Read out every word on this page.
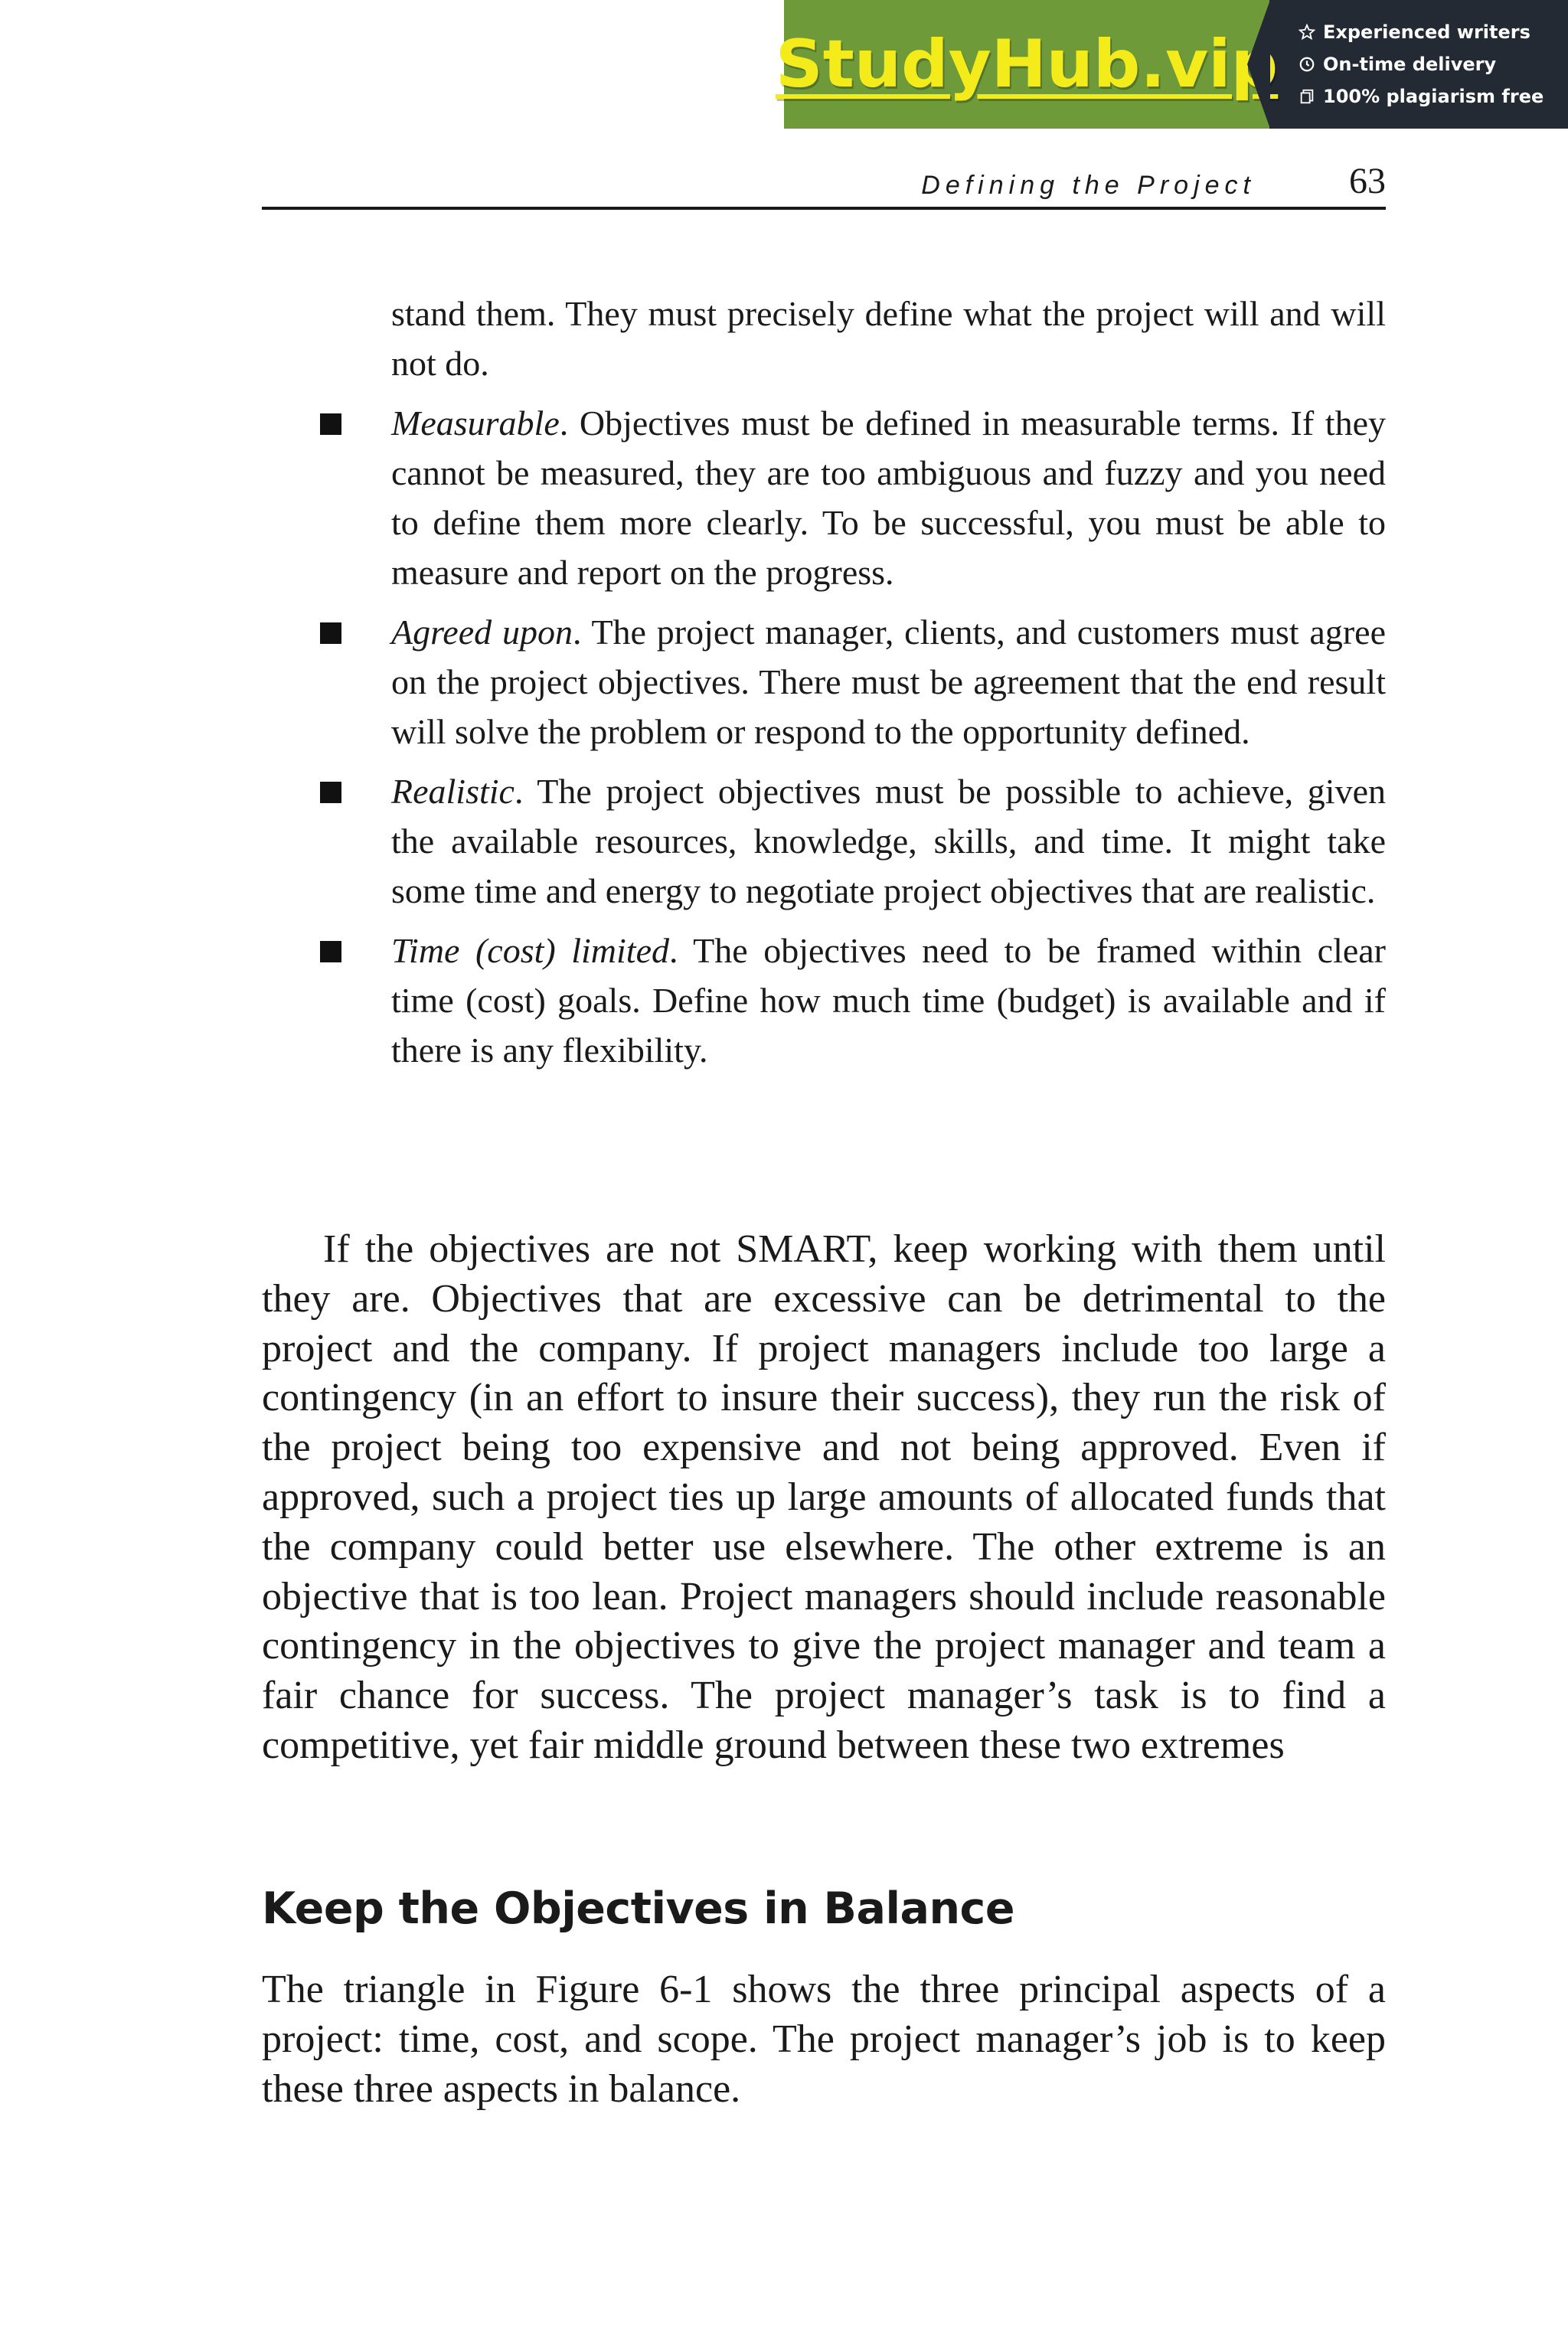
StudyHub.vip Experienced writers
On-time delivery
100% plagiarism free
Defining the Project	63
stand them. They must precisely define what the project will and will not do.
Measurable. Objectives must be defined in measurable terms. If they cannot be measured, they are too ambiguous and fuzzy and you need to define them more clearly. To be successful, you must be able to measure and report on the progress.
Agreed upon. The project manager, clients, and customers must agree on the project objectives. There must be agreement that the end result will solve the problem or respond to the opportunity defined.
Realistic. The project objectives must be possible to achieve, given the available resources, knowledge, skills, and time. It might take some time and energy to negotiate project objectives that are realistic.
Time (cost) limited. The objectives need to be framed within clear time (cost) goals. Define how much time (budget) is available and if there is any flexibility.

If the objectives are not SMART, keep working with them until they are. Objectives that are excessive can be detrimental to the project and the company. If project managers include too large a contingency (in an effort to insure their success), they run the risk of the project being too expensive and not being approved. Even if approved, such a project ties up large amounts of allocated funds that the company could better use elsewhere. The other extreme is an objective that is too lean. Project managers should include reasonable contingency in the objectives to give the project manager and team a fair chance for success. The project manager’s task is to find a competitive, yet fair middle ground between these two extremes

Keep the Objectives in Balance

The triangle in Figure 6-1 shows the three principal aspects of a project: time, cost, and scope. The project manager’s job is to keep these three aspects in balance.
